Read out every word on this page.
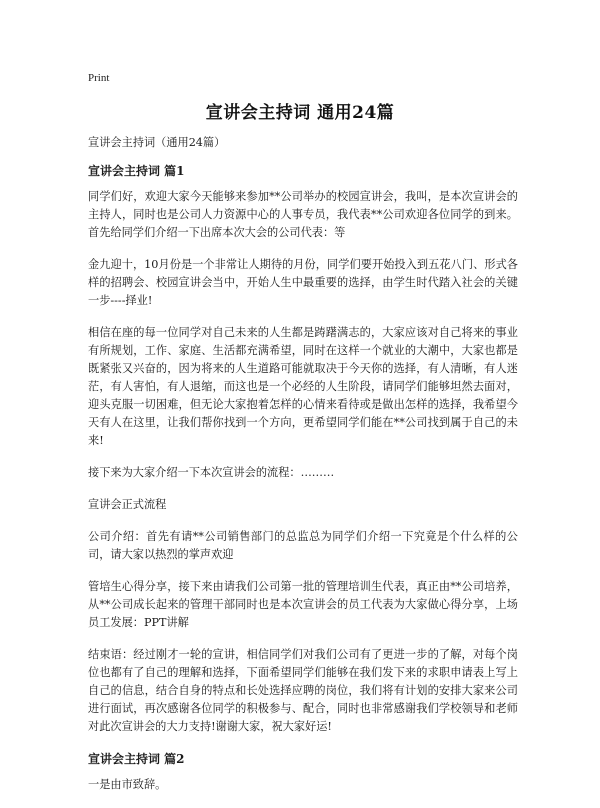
Print
宣讲会主持词 通用24篇

宣讲会主持词（通用24篇）

宣讲会主持词 篇1

同学们好，欢迎大家今天能够来参加**公司举办的校园宣讲会，我叫，是本次宣讲会的主持人，同时也是公司人力资源中心的人事专员，我代表**公司欢迎各位同学的到来。首先给同学们介绍一下出席本次大会的公司代表：等

金九迎十，10月份是一个非常让人期待的月份，同学们要开始投入到五花八门、形式各样的招聘会、校园宣讲会当中，开始人生中最重要的选择，由学生时代踏入社会的关键一步----择业!

相信在座的每一位同学对自己未来的人生都是踌躇满志的，大家应该对自己将来的事业有所规划，工作、家庭、生活都充满希望，同时在这样一个就业的大潮中，大家也都是既紧张又兴奋的，因为将来的人生道路可能就取决于今天你的选择，有人清晰，有人迷茫，有人害怕，有人退缩，而这也是一个必经的人生阶段，请同学们能够坦然去面对，迎头克服一切困难，但无论大家抱着怎样的心情来看待或是做出怎样的选择，我希望今天有人在这里，让我们帮你找到一个方向，更希望同学们能在**公司找到属于自己的未来!

接下来为大家介绍一下本次宣讲会的流程：………

宣讲会正式流程

公司介绍：首先有请**公司销售部门的总监总为同学们介绍一下究竟是个什么样的公司，请大家以热烈的掌声欢迎

管培生心得分享，接下来由请我们公司第一批的管理培训生代表，真正由**公司培养，从**公司成长起来的管理干部同时也是本次宣讲会的员工代表为大家做心得分享，上场员工发展：PPT讲解

结束语：经过刚才一轮的宣讲，相信同学们对我们公司有了更进一步的了解，对每个岗位也都有了自己的理解和选择，下面希望同学们能够在我们发下来的求职申请表上写上自己的信息，结合自身的特点和长处选择应聘的岗位，我们将有计划的安排大家来公司进行面试，再次感谢各位同学的积极参与、配合，同时也非常感谢我们学校领导和老师对此次宣讲会的大力支持!谢谢大家，祝大家好运!

宣讲会主持词 篇2

一是由市致辞。
